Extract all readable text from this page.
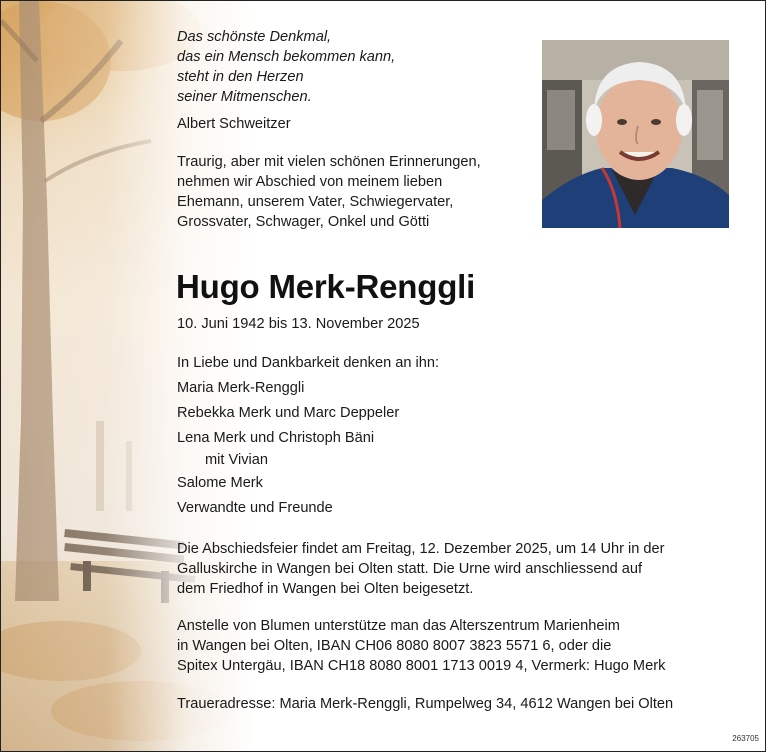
Das schönste Denkmal,
das ein Mensch bekommen kann,
steht in den Herzen
seiner Mitmenschen.
Albert Schweitzer
Traurig, aber mit vielen schönen Erinnerungen,
nehmen wir Abschied von meinem lieben
Ehemann, unserem Vater, Schwiegervater,
Grossvater, Schwager, Onkel und Götti
Hugo Merk-Renggli
10. Juni 1942 bis 13. November 2025
In Liebe und Dankbarkeit denken an ihn:
Maria Merk-Renggli
Rebekka Merk und Marc Deppeler
Lena Merk und Christoph Bäni
mit Vivian
Salome Merk
Verwandte und Freunde
Die Abschiedsfeier findet am Freitag, 12. Dezember 2025, um 14 Uhr in der
Galluskirche in Wangen bei Olten statt. Die Urne wird anschliessend auf
dem Friedhof in Wangen bei Olten beigesetzt.
Anstelle von Blumen unterstütze man das Alterszentrum Marienheim
in Wangen bei Olten, IBAN CH06 8080 8007 3823 5571 6, oder die
Spitex Untergäu, IBAN CH18 8080 8001 1713 0019 4, Vermerk: Hugo Merk
Traueradresse: Maria Merk-Renggli, Rumpelweg 34, 4612 Wangen bei Olten
263705
